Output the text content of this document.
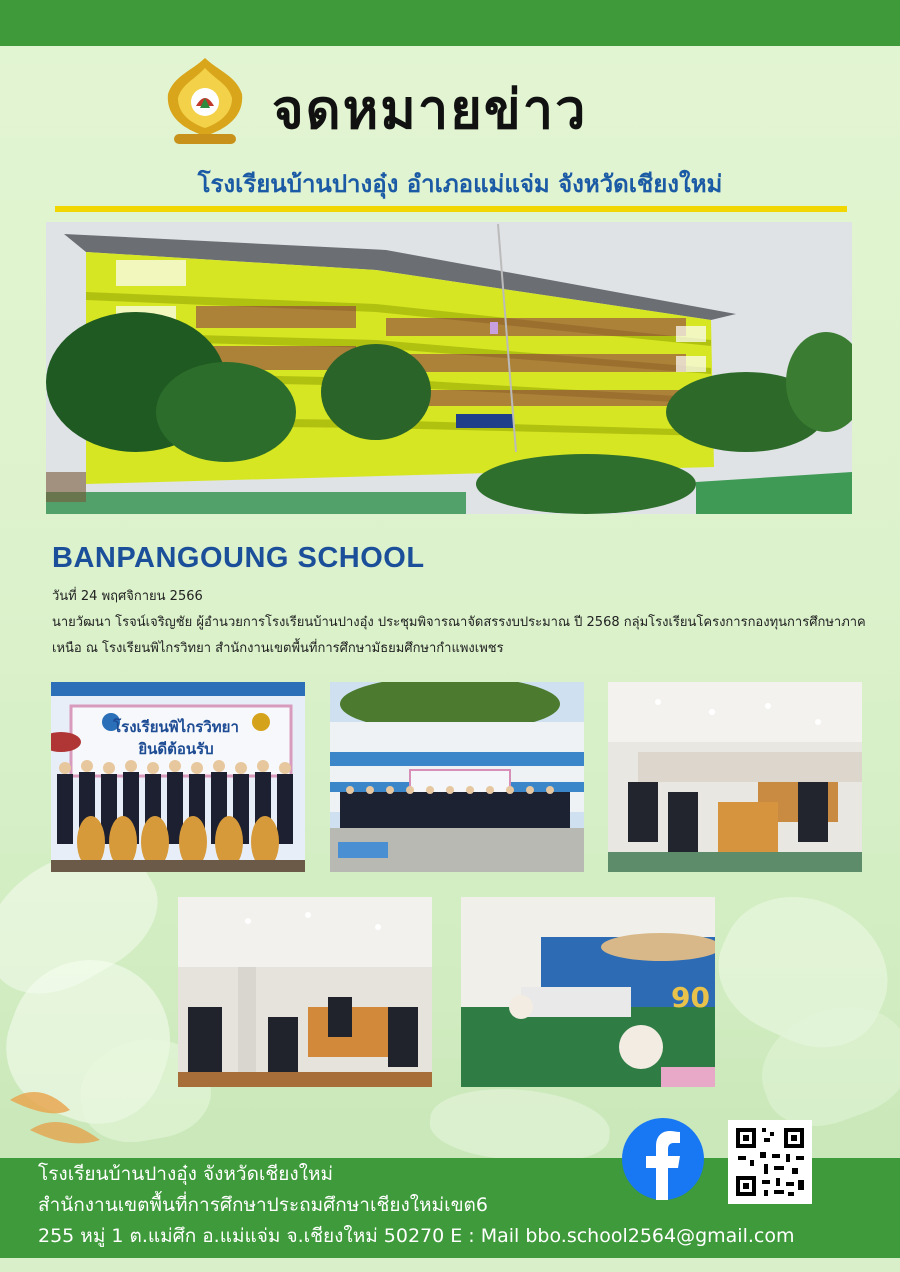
จดหมายข่าว
โรงเรียนบ้านปางอุ๋ง อำเภอแม่แจ่ม จังหวัดเชียงใหม่
BANPANGOUNG SCHOOL
วันที่ 24 พฤศจิกายน 2566
นายวัฒนา โรจน์เจริญชัย ผู้อำนวยการโรงเรียนบ้านปางอุ๋ง ประชุมพิจารณาจัดสรรงบประมาณ ปี 2568 กลุ่มโรงเรียนโครงการกองทุนการศึกษาภาคเหนือ ณ โรงเรียนพิไกรวิทยา สำนักงานเขตพื้นที่การศึกษามัธยมศึกษากำแพงเพชร
โรงเรียนพิไกรวิทยา
ยินดีต้อนรับ
90
โรงเรียนบ้านปางอุ๋ง จังหวัดเชียงใหม่
สำนักงานเขตพื้นที่การศึกษาประถมศึกษาเชียงใหม่เขต6
255 หมู่ 1 ต.แม่ศึก อ.แม่แจ่ม จ.เชียงใหม่ 50270 E : Mail bbo.school2564@gmail.com
